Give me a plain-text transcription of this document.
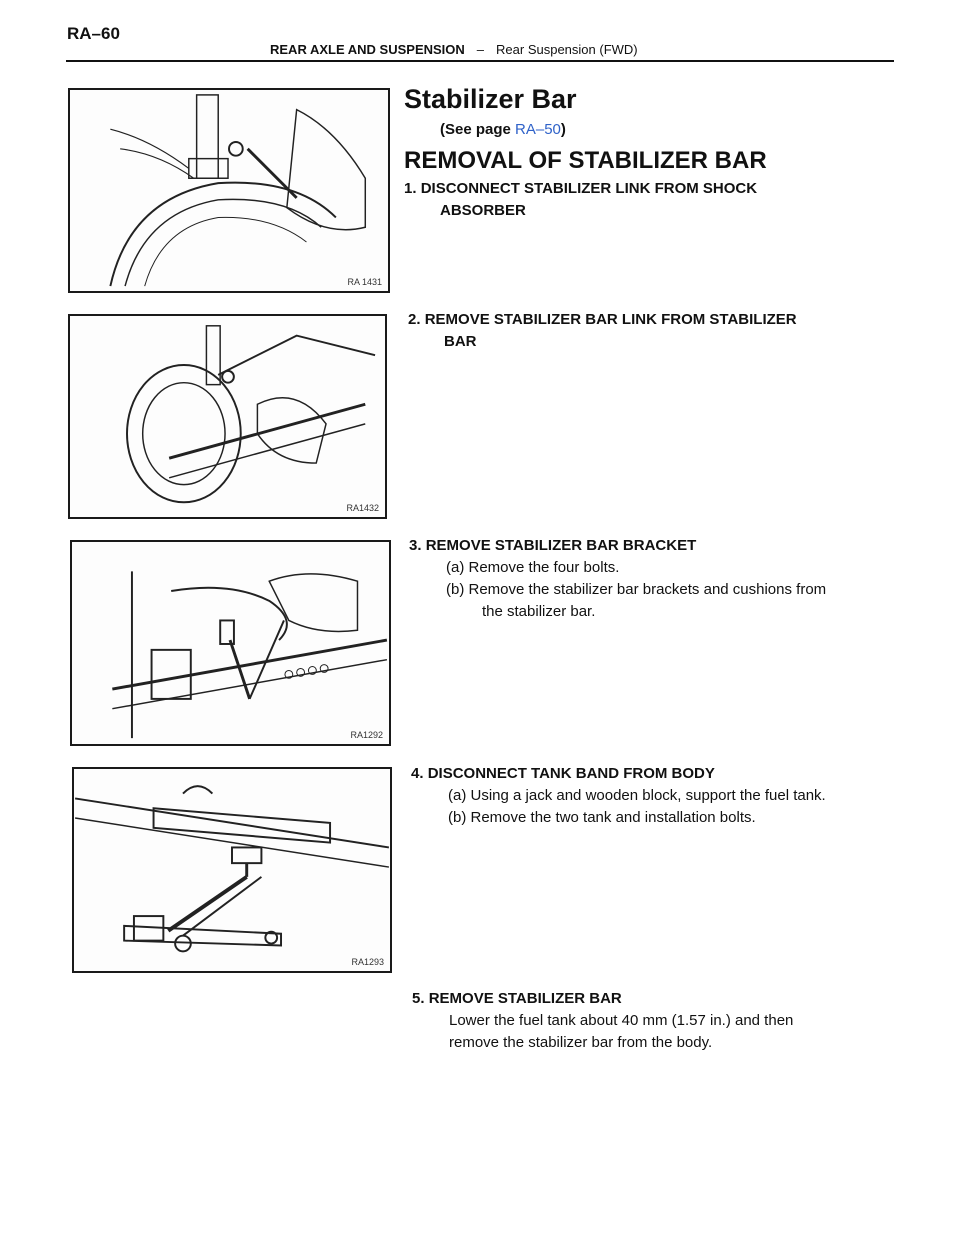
RA–60
REAR AXLE AND SUSPENSION – Rear Suspension (FWD)
RA 1431
RA1432
RA1292
RA1293
Stabilizer Bar
(See page RA–50)
REMOVAL OF STABILIZER BAR
1. DISCONNECT STABILIZER LINK FROM SHOCK
ABSORBER
2. REMOVE STABILIZER BAR LINK FROM STABILIZER
BAR
3. REMOVE STABILIZER BAR BRACKET
(a) Remove the four bolts.
(b) Remove the stabilizer bar brackets and cushions from
the stabilizer bar.
4. DISCONNECT TANK BAND FROM BODY
(a) Using a jack and wooden block, support the fuel tank.
(b) Remove the two tank and installation bolts.
5. REMOVE STABILIZER BAR
Lower the fuel tank about 40 mm (1.57 in.) and then
remove the stabilizer bar from the body.
